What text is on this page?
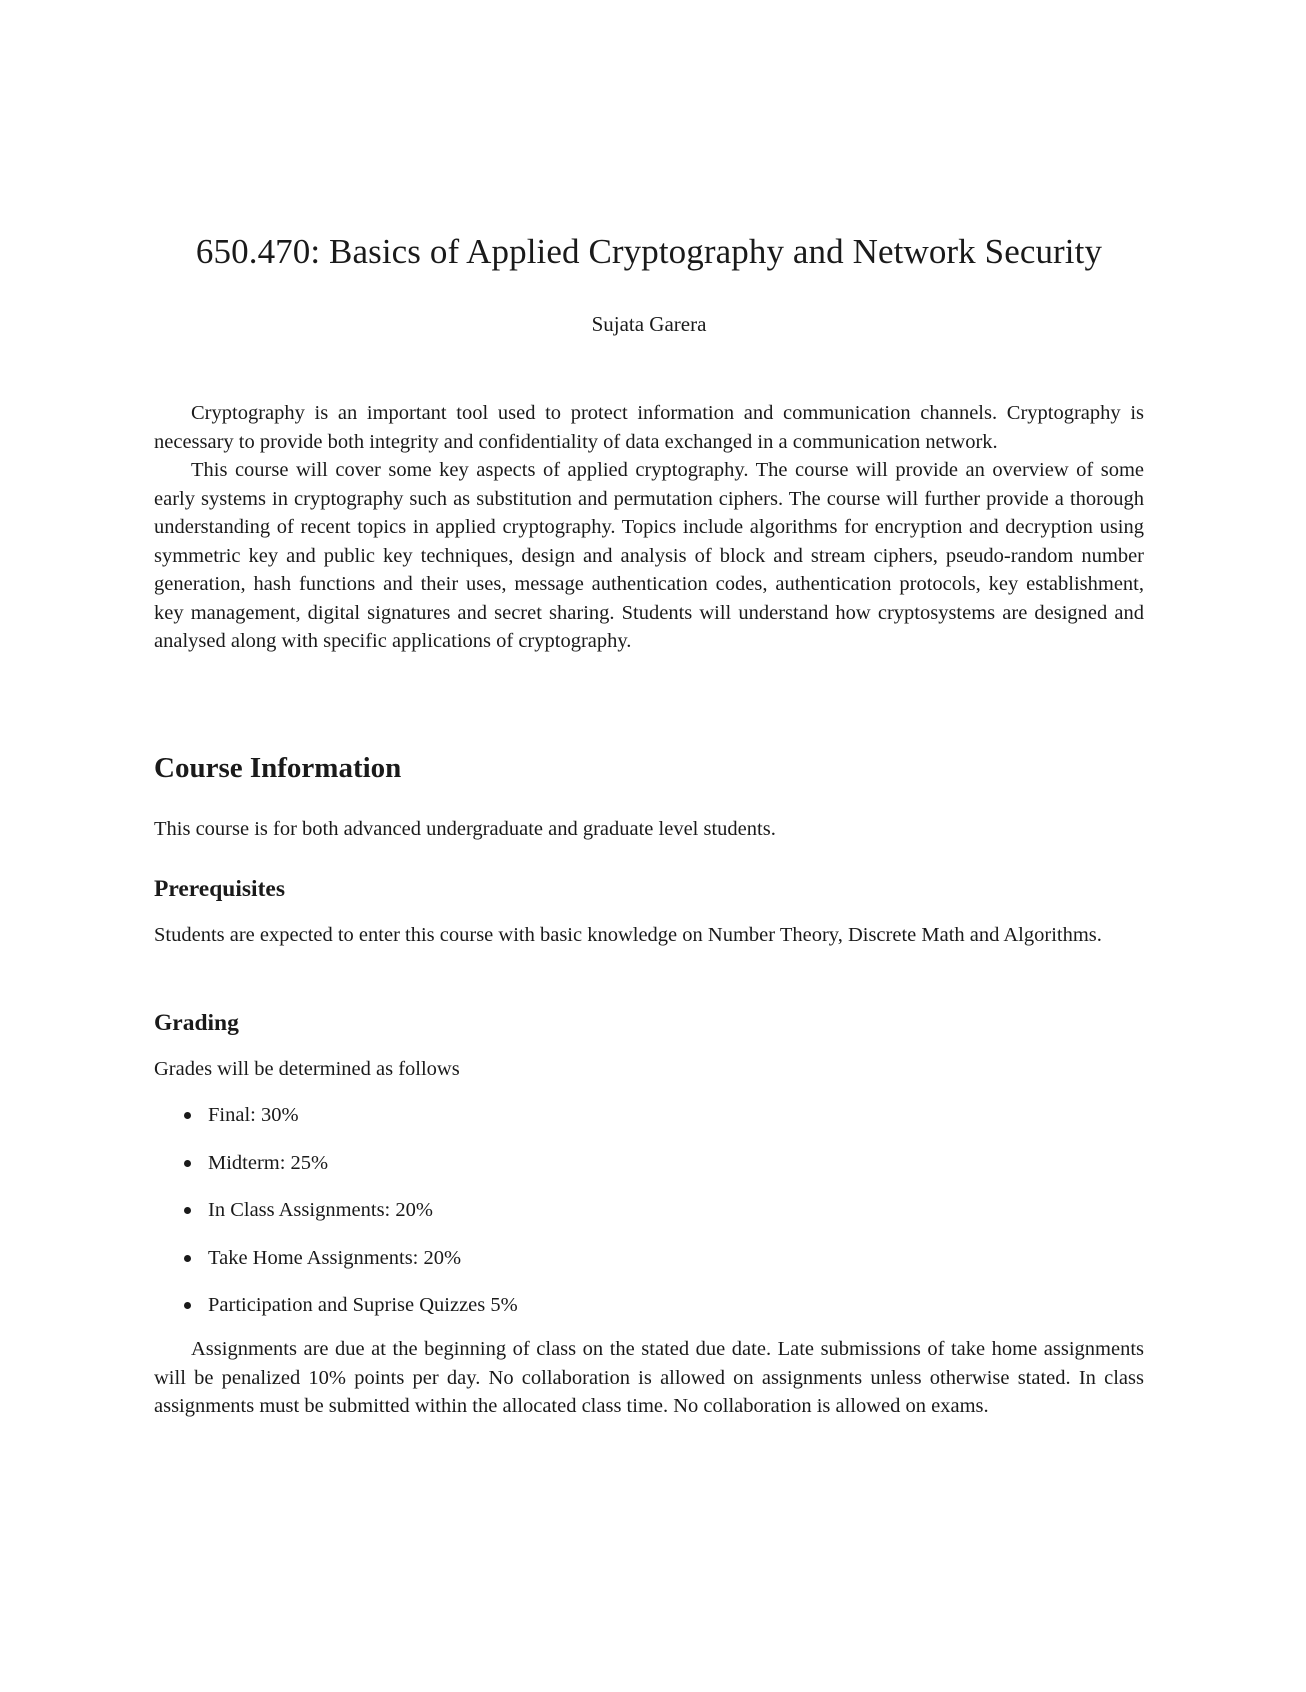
650.470: Basics of Applied Cryptography and Network Security
Sujata Garera

Cryptography is an important tool used to protect information and communication channels. Cryptography is necessary to provide both integrity and confidentiality of data exchanged in a communication network.

This course will cover some key aspects of applied cryptography. The course will provide an overview of some early systems in cryptography such as substitution and permutation ciphers. The course will further provide a thorough understanding of recent topics in applied cryptography. Topics include algorithms for encryption and decryption using symmetric key and public key techniques, design and analysis of block and stream ciphers, pseudo-random number generation, hash functions and their uses, message authentication codes, authentication protocols, key establishment, key management, digital signatures and secret sharing. Students will understand how cryptosystems are designed and analysed along with specific applications of cryptography.

Course Information

This course is for both advanced undergraduate and graduate level students.

Prerequisites

Students are expected to enter this course with basic knowledge on Number Theory, Discrete Math and Algorithms.

Grading

Grades will be determined as follows

Final: 30%
Midterm: 25%
In Class Assignments: 20%
Take Home Assignments: 20%
Participation and Suprise Quizzes 5%

Assignments are due at the beginning of class on the stated due date. Late submissions of take home assignments will be penalized 10% points per day. No collaboration is allowed on assignments unless otherwise stated. In class assignments must be submitted within the allocated class time. No collaboration is allowed on exams.
